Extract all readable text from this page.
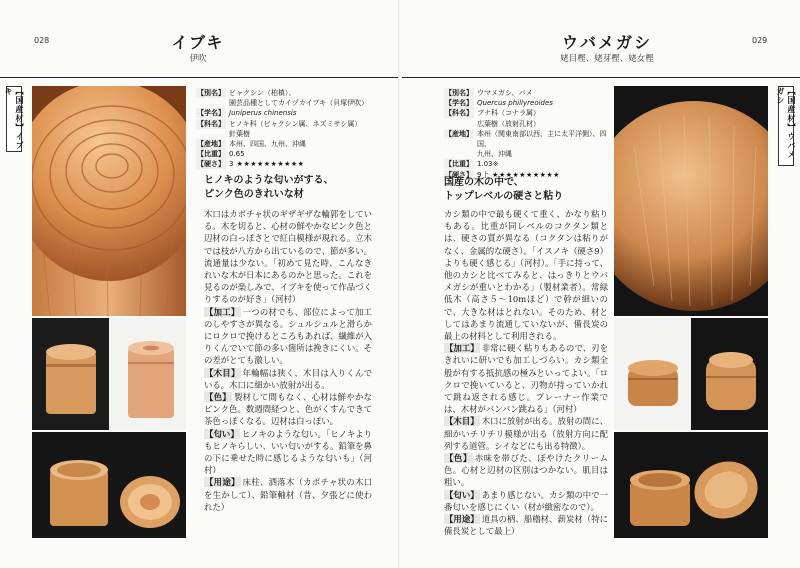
028	イブキ
伊吹
【国産材】イブキ	【別名】 ビャクシン（柏槙）、
園芸品種としてカイヅカイブキ（貝塚伊吹）
【学名】 Juniperus chinensis
【科名】 ヒノキ科（ビャクシン属、ネズミサシ属）
針葉樹
【産地】 本州、四国、九州、沖縄
【比重】 0.65
【硬さ】 3 ★★★★★★★★★★
ヒノキのような匂いがする、
ピンク色のきれいな材

木口はカボチャ状のギザギザな輪郭をしている。木を切ると、心材の鮮やかなピンク色と辺材の白っぽさとで紅白模様が現れる。立木では枝が八方から出ているので、節が多い。流通量は少ない。「初めて見た時、こんなきれいな木が日本にあるのかと思った。これを見るのが楽しみで、イブキを使って作品づくりするのが好き」（河村）

【加工】 一つの材でも、部位によって加工のしやすさが異なる。シュルシュルと滑らかにロクロで挽けるところもあれば、繊維が入りくんでいて節の多い箇所は挽きにくい。その差がとても激しい。

【木目】 年輪幅は狭く、木目は入りくんでいる。木口に細かい放射が出る。

【色】 製材して間もなく、心材は鮮やかなピンク色。数週間経つと、色がくすんできて茶色っぽくなる。辺材は白っぽい。

【匂い】 ヒノキのような匂い。「ヒノキよりもヒノキらしい、いい匂いがする。鉛筆を鼻の下に乗せた時に感じるような匂いも」（河村）

【用途】 床柱、洒落木（カボチャ状の木口を生かして）、鉛筆軸材（昔、夕張どに使われた）

029
ウバメガシ
姥目樫、姥芽樫、姥女樫
【国産材】ウバメガシ
【別名】 ウマメガシ、バメ
【学名】 Quercus phillyreoides
【科名】 ブナ科（コナラ属）
広葉樹（放射孔材）
【産地】 本州（関東南部以西、主に太平洋側）、四国、
九州、沖縄
【比重】 1.03※
【硬さ】 9上 ★★★★★★★★★★
国産の木の中で、
トップレベルの硬さと粘り

カシ類の中で最も硬くて重く、かなり粘りもある。比重が同レベルのコクタン類とは、硬さの質が異なる（コクタンは粘りがなく、金属的な硬さ）。「イスノキ（硬さ9）よりも硬く感じる」（河村）。「手に持って、他のカシと比べてみると、はっきりとウバメガシが重いとわかる」（製材業者）。常緑低木（高さ５〜10mほど）で幹が細いので、大きな材はとれない。そのため、材としてはあまり流通していないが、備長炭の最上の材料として利用される。

【加工】 非常に硬く粘りもあるので、刃をきれいに研いでも加工しづらい。カシ類全般が有する抵抗感の極みといってよい。「ロクロで挽いていると、刃物が持っていかれて跳ね返される感じ。プレーナー作業では、木材がバンバン跳ねる」（河村）

【木目】 木口に放射が出る。放射の間に、細かいチリチリ模様が出る（放射方向に配列する道管。シイなどにも出る特徴）。

【色】 赤味を帯びた、ぼやけたクリーム色。心材と辺材の区別はつかない。肌目は粗い。

【匂い】 あまり感じない。カシ類の中で一番匂いを感じにくい（材が緻密なので）。

【用途】 道具の柄、船櫓材、薪炭材（特に備長炭として最上）
